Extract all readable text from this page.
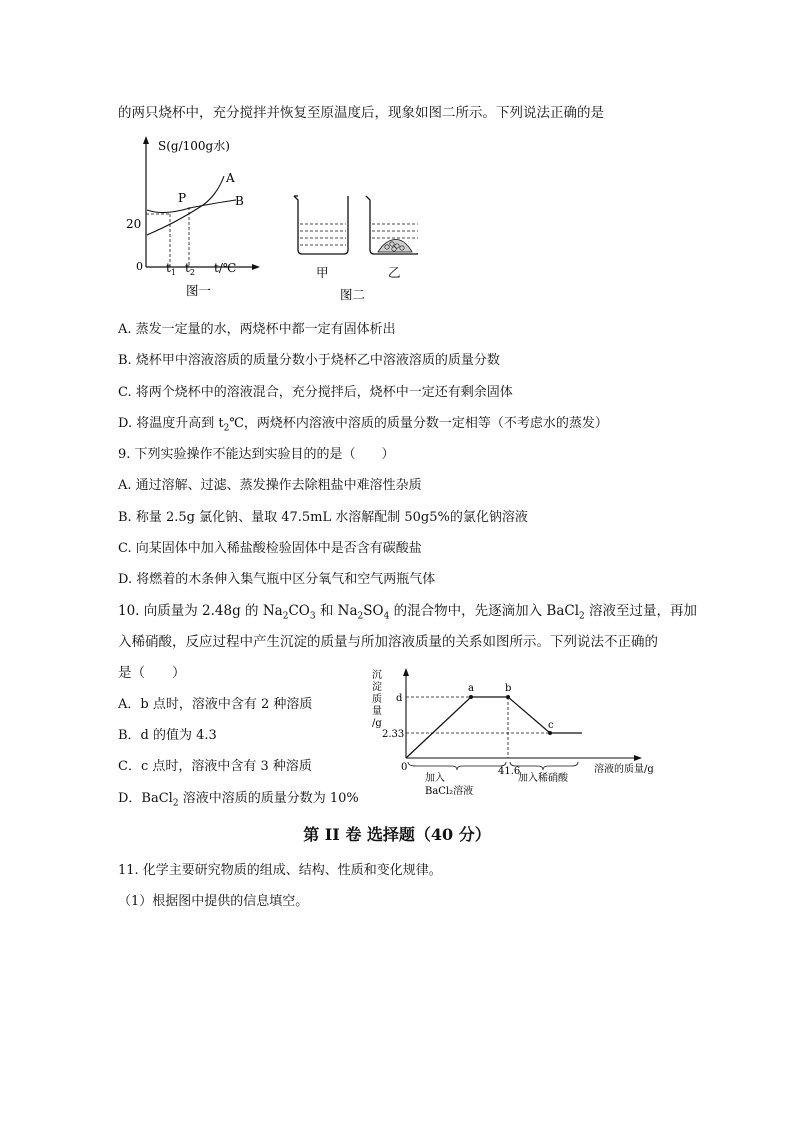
的两只烧杯中，充分搅拌并恢复至原温度后，现象如图二所示。下列说法正确的是
S(g/100g水)
A
B
P
20
0 $t_1$ $t_2$ t/℃
图一
甲	乙
图二
A. 蒸发一定量的水，两烧杯中都一定有固体析出
B. 烧杯甲中溶液溶质的质量分数小于烧杯乙中溶液溶质的质量分数
C. 将两个烧杯中的溶液混合，充分搅拌后，烧杯中一定还有剩余固体
D. 将温度升高到 $t_2℃$，两烧杯内溶液中溶质的质量分数一定相等（不考虑水的蒸发）
9. 下列实验操作不能达到实验目的的是（　　）
A. 通过溶解、过滤、蒸发操作去除粗盐中难溶性杂质
B. 称量 2.5g 氯化钠、量取 47.5mL 水溶解配制 50g5%的氯化钠溶液
C. 向某固体中加入稀盐酸检验固体中是否含有碳酸盐
D. 将燃着的木条伸入集气瓶中区分氧气和空气两瓶气体
10. 向质量为 2.48g 的 $Na_2CO_3$ 和 $Na_2SO_4$ 的混合物中，先逐滴加入 BaCl$_2$ 溶液至过量，再加
入稀硝酸，反应过程中产生沉淀的质量与所加溶液质量的关系如图所示。下列说法不正确的
是（　　）
A．b 点时，溶液中含有 2 种溶质
B．d 的值为 4.3
C．c 点时，溶液中含有 3 种溶质
D．BaCl$_2$ 溶液中溶质的质量分数为 10%
沉
淀
质
量
/g
d
2.33
0
a	b
c
41.6	溶液的质量/g
加入
BaCl₂溶液
加入稀硝酸
第 II 卷 选择题（40 分）
11. 化学主要研究物质的组成、结构、性质和变化规律。
（1）根据图中提供的信息填空。
